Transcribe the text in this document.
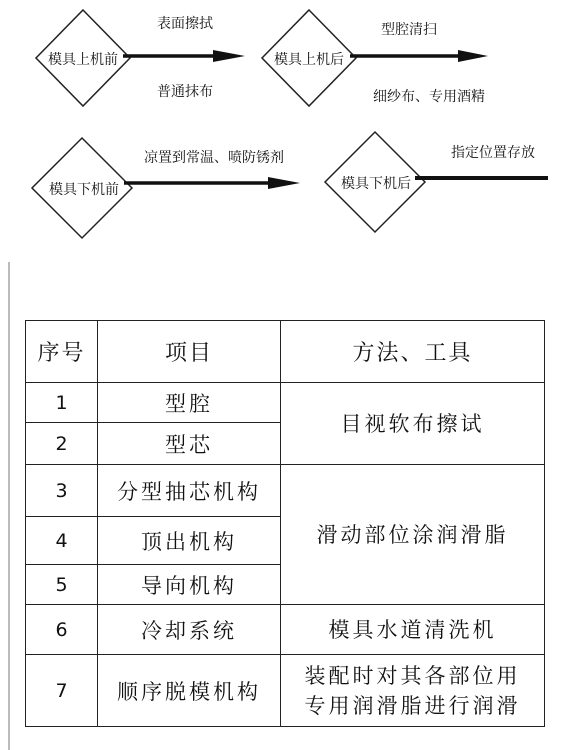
模具上机前
表面擦拭
普通抹布
模具上机后
型腔清扫
细纱布、专用酒精
模具下机前
凉置到常温、喷防锈剂
模具下机后
指定位置存放
序号	项目	方法、工具
1	型腔	目视软布擦试
2	型芯	
3	分型抽芯机构	滑动部位涂润滑脂
4	顶出机构	
5	导向机构	
6	冷却系统	模具水道清洗机
7	顺序脱模机构	装配时对其各部位用
专用润滑脂进行润滑
